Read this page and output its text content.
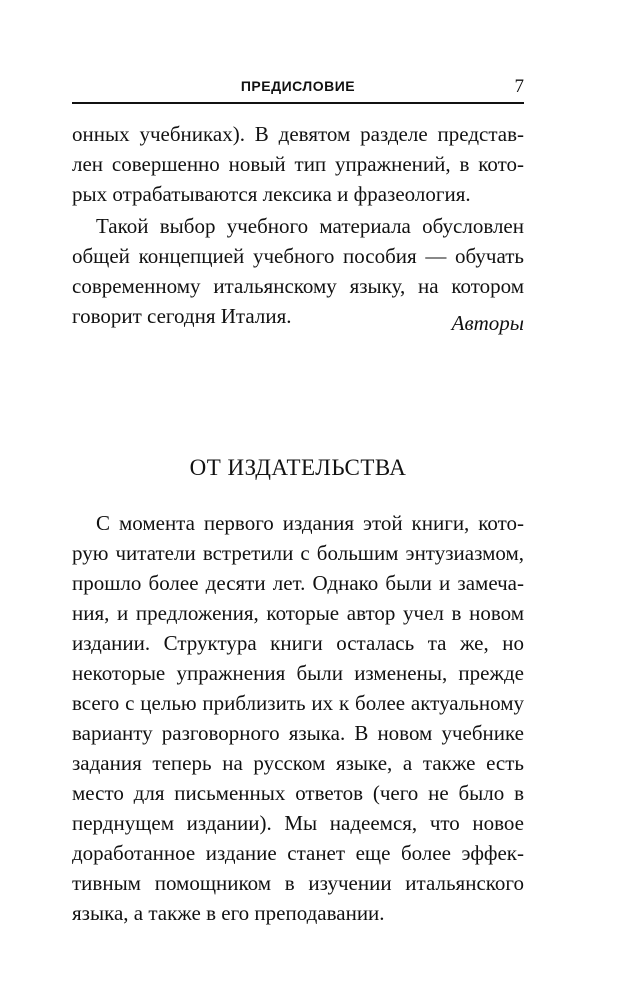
ПРЕДИСЛОВИЕ	7
онных учебниках). В девятом разделе представ-
лен совершенно новый тип упражнений, в кото-
рых отрабатываются лексика и фразеология.
Такой выбор учебного материала обусловлен
общей концепцией учебного пособия — обучать
современному итальянскому языку, на котором
говорит сегодня Италия.	Авторы
ОТ ИЗДАТЕЛЬСТВА
С момента первого издания этой книги, кото-
рую читатели встретили с большим энтузиазмом,
прошло более десяти лет. Однако были и замеча-
ния, и предложения, которые автор учел в новом
издании. Структура книги осталась та же, но
некоторые упражнения были изменены, прежде
всего с целью приблизить их к более актуальному
варианту разговорного языка. В новом учебнике
задания теперь на русском языке, а также есть
место для письменных ответов (чего не было в
перднущем издании). Мы надеемся, что новое
доработанное издание станет еще более эффек-
тивным помощником в изучении итальянского
языка, а также в его преподавании.
